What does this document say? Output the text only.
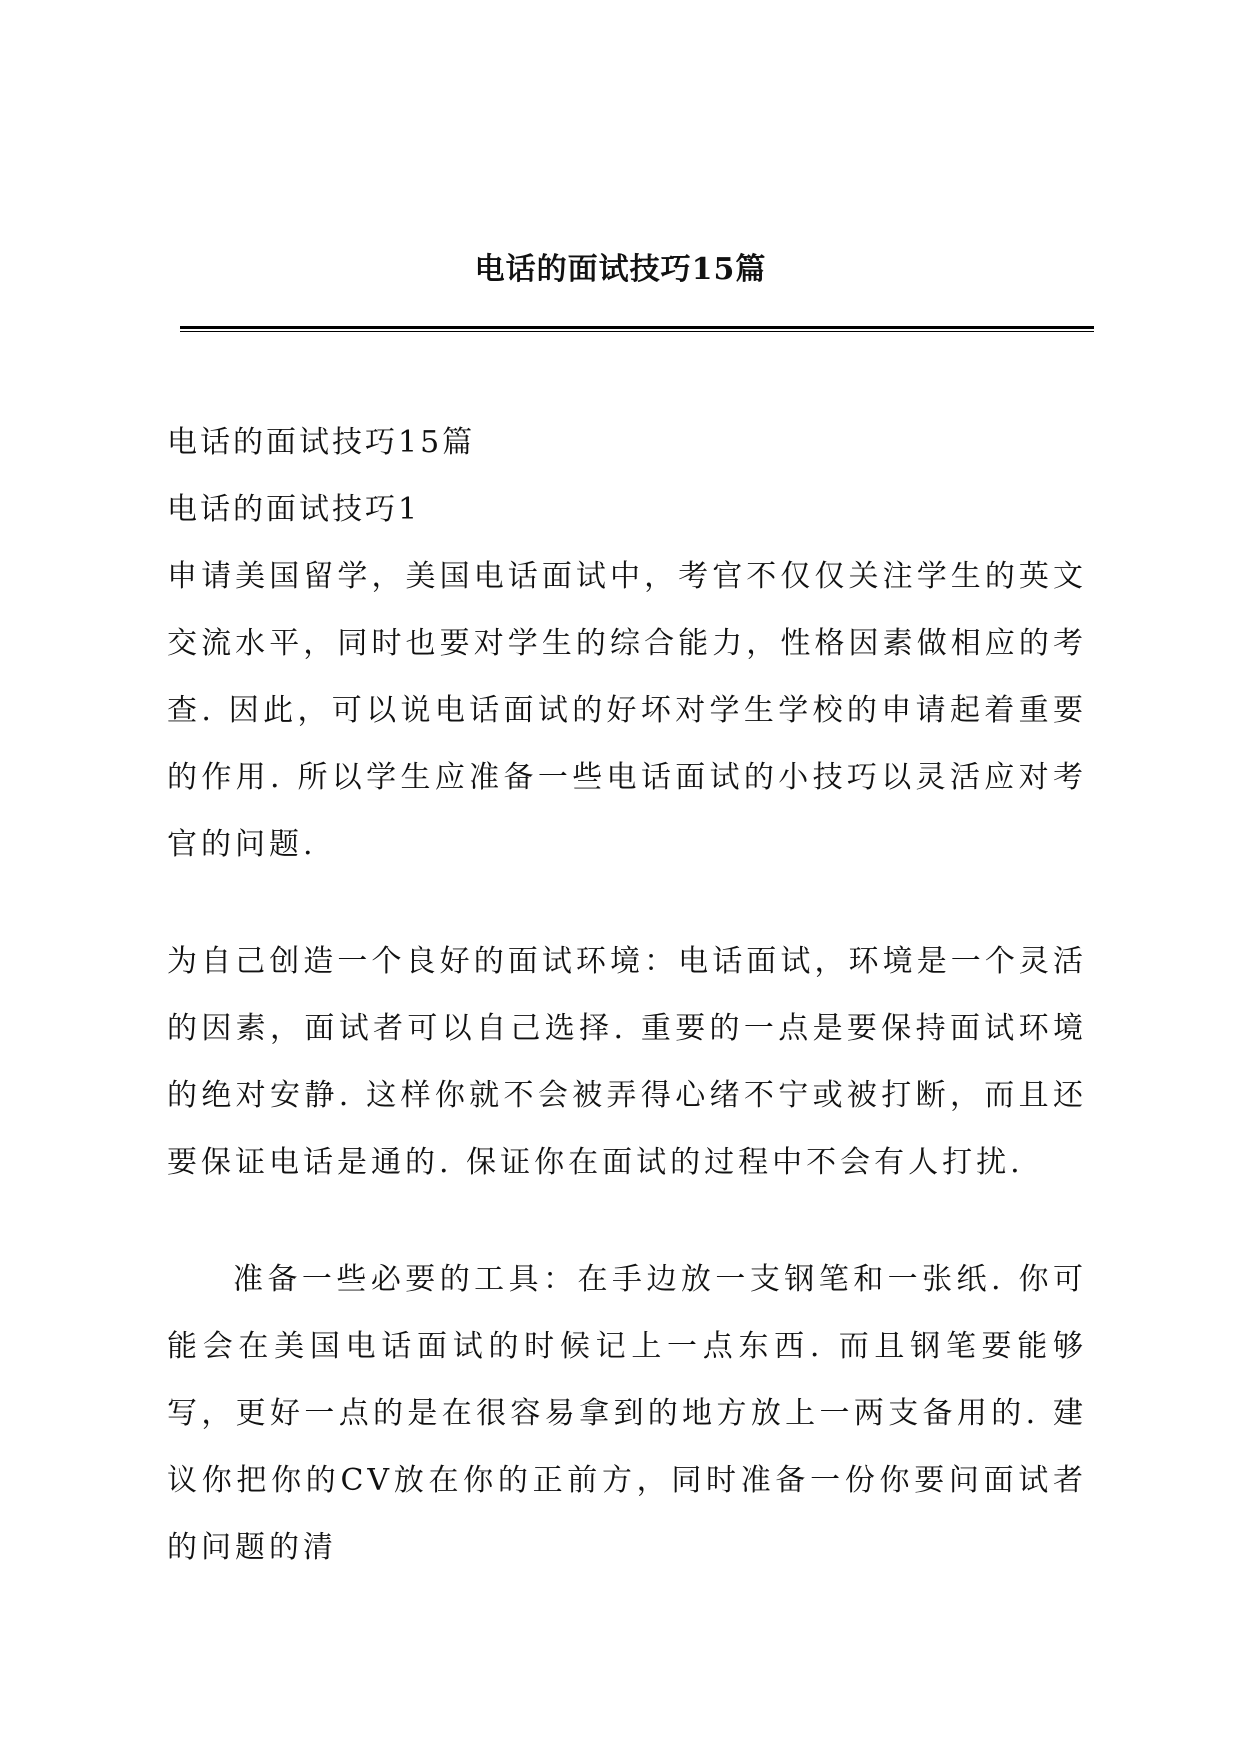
电话的面试技巧15篇

电话的面试技巧15篇

电话的面试技巧1

申请美国留学，美国电话面试中，考官不仅仅关注学生的英文交流水平，同时也要对学生的综合能力，性格因素做相应的考查. 因此，可以说电话面试的好坏对学生学校的申请起着重要的作用. 所以学生应准备一些电话面试的小技巧以灵活应对考官的问题.

为自己创造一个良好的面试环境：电话面试，环境是一个灵活的因素，面试者可以自己选择. 重要的一点是要保持面试环境的绝对安静. 这样你就不会被弄得心绪不宁或被打断，而且还要保证电话是通的. 保证你在面试的过程中不会有人打扰.

准备一些必要的工具：在手边放一支钢笔和一张纸. 你可能会在美国电话面试的时候记上一点东西. 而且钢笔要能够写，更好一点的是在很容易拿到的地方放上一两支备用的. 建议你把你的CV放在你的正前方，同时准备一份你要问面试者的问题的清
